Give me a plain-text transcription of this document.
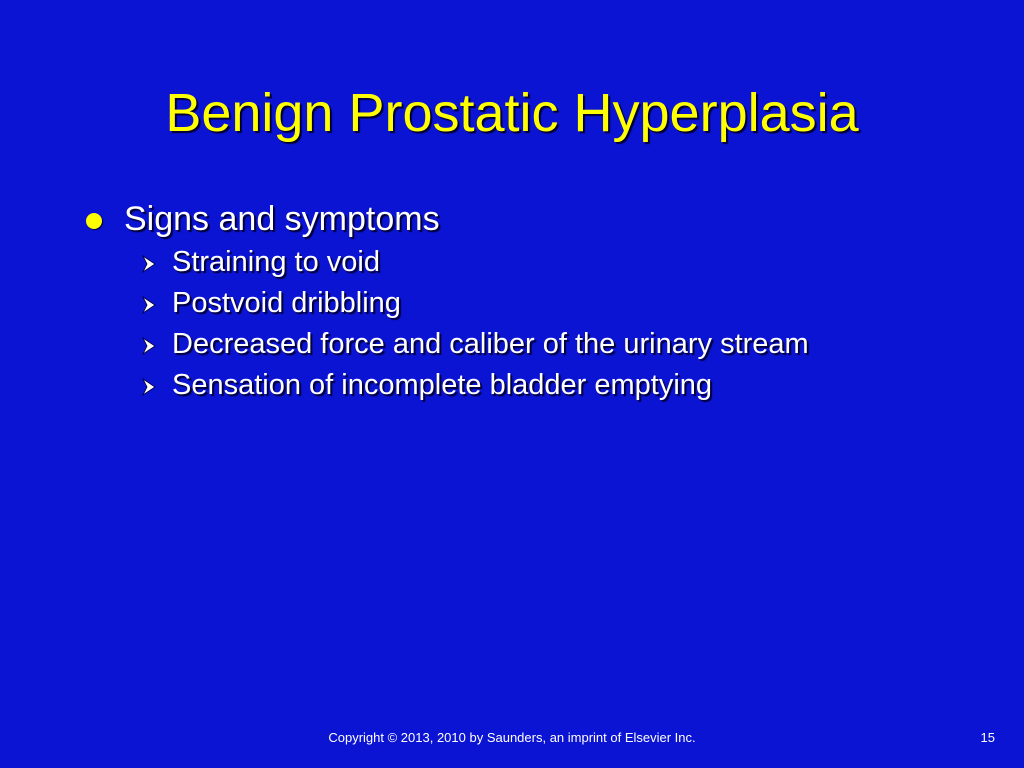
Benign Prostatic Hyperplasia
Signs and symptoms
Straining to void
Postvoid dribbling
Decreased force and caliber of the urinary stream
Sensation of incomplete bladder emptying
Copyright © 2013, 2010 by Saunders, an imprint of Elsevier Inc.	15
